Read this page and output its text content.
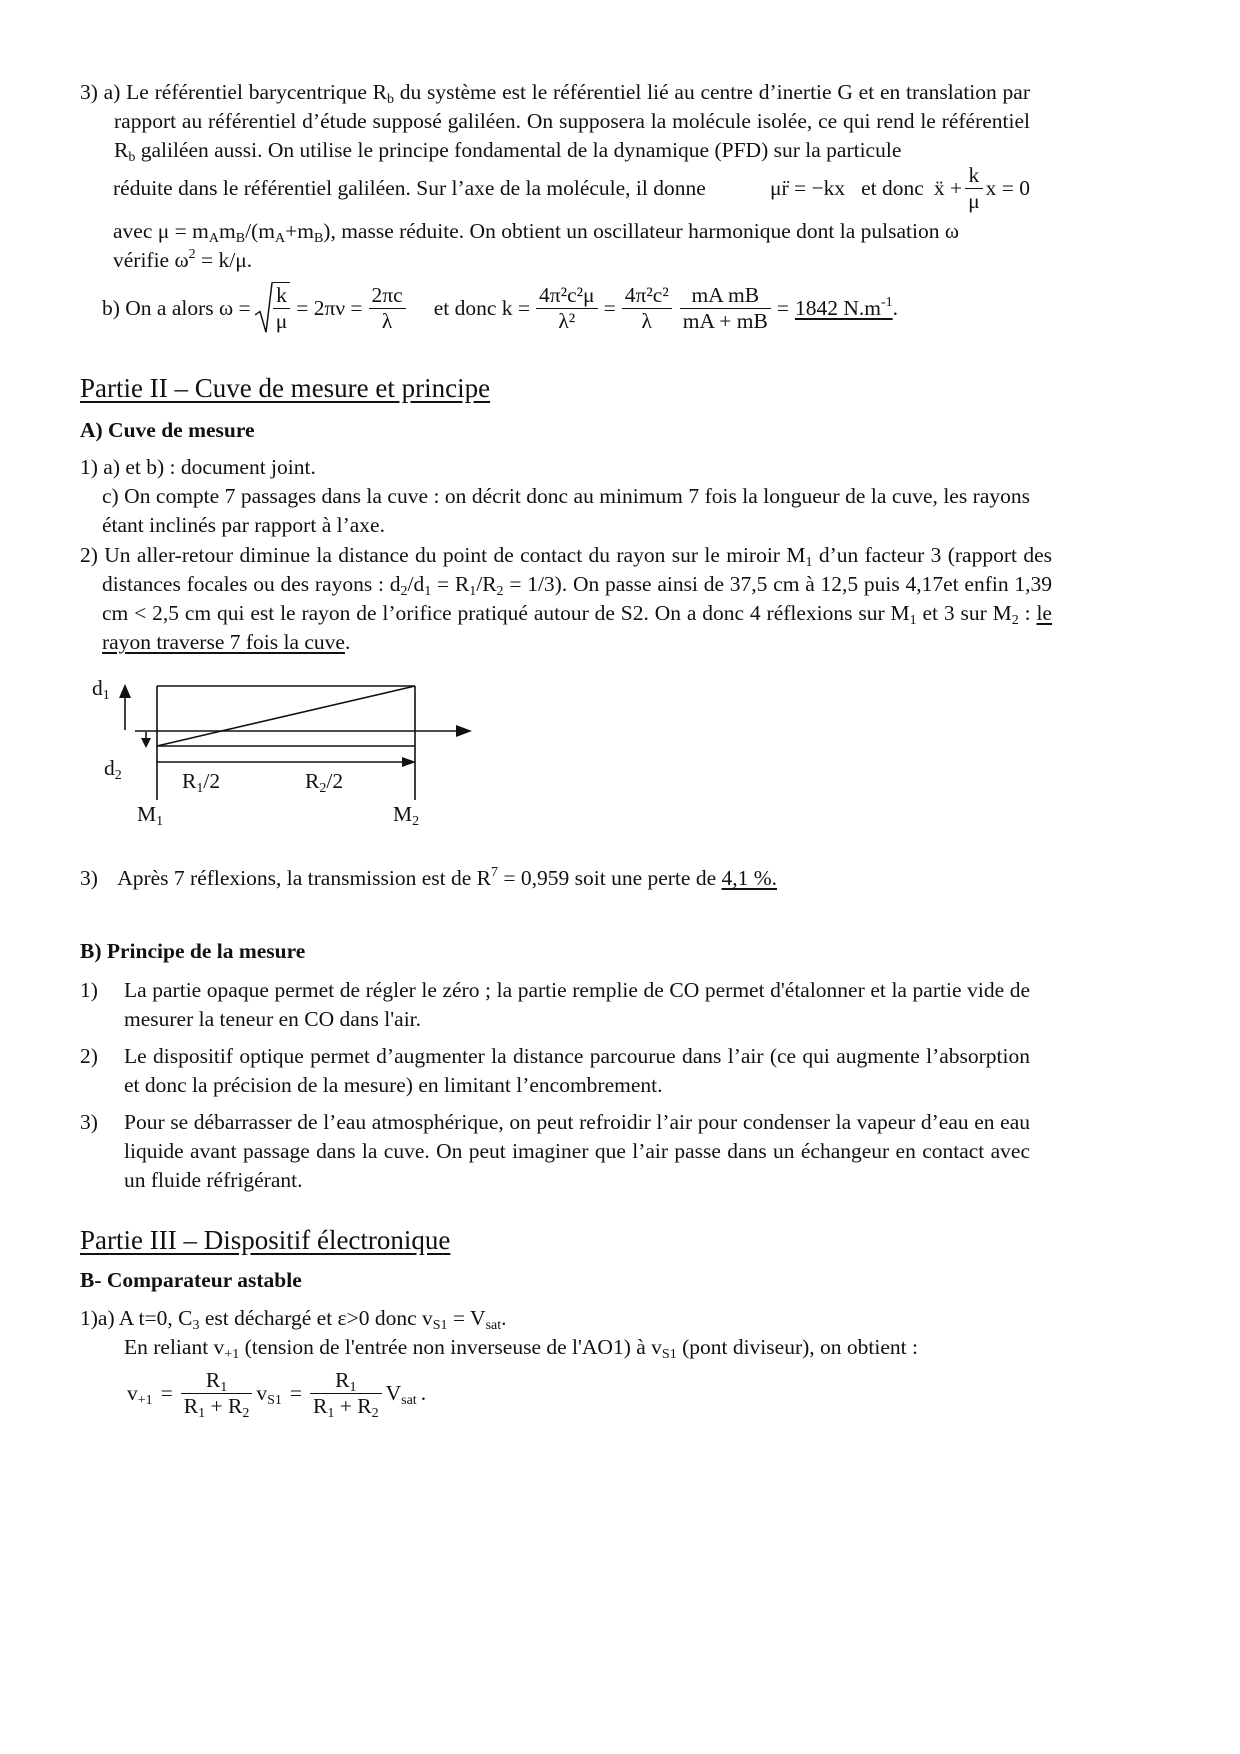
3) a) Le référentiel barycentrique $R_b$ du système est le référentiel lié au centre d’inertie G et en translation par rapport au référentiel d’étude supposé galiléen. On supposera la molécule isolée, ce qui rend le référentiel $R_b$ galiléen aussi. On utilise le principe fondamental de la dynamique (PFD) sur la particule
réduite dans le référentiel galiléen. Sur l’axe de la molécule, il donne	μr̈ = −kx et donc ẍ + $\frac{k}{\mu}$ x = 0
avec $\mu = m_Am_B/(m_A+m_B)$, masse réduite. On obtient un oscillateur harmonique dont la pulsation ω
vérifie $\omega^2 = k/\mu$.
b) On a alors $\omega = \frac{k}{\mu} = 2\pi\nu = \frac{2\pi c}{\lambda}$ et donc $k = \frac{\text{4π²c²μ}}{\text{λ²}} = \frac{\text{4π²c²}}{\lambda} \frac{\text{mA mB}}{mA + mB} = 1842$ $N.m^{-1}$ .
Partie II – Cuve de mesure et principe
A) Cuve de mesure
1) a) et b) : document joint.
c) On compte 7 passages dans la cuve : on décrit donc au minimum 7 fois la longueur de la cuve, les rayons étant inclinés par rapport à l’axe.
2) Un aller-retour diminue la distance du point de contact du rayon sur le miroir $M_1$ d’un facteur 3 (rapport des distances focales ou des rayons : $d_2/d_1 = R_1/R_2 = 1/3$). On passe ainsi de 37,5 cm à 12,5 puis 4,17et enfin 1,39 cm < 2,5 cm qui est le rayon de l’orifice pratiqué autour de S2. On a donc 4 réflexions sur $M_1$ et 3 sur $M_2$ : le rayon traverse 7 fois la cuve.
$d_1$
$d_2$	$R_1/2$	$R_2/2$
$M_1$	$M_2$
3) Après 7 réflexions, la transmission est de $R^7 = 0,959$ soit une perte de 4,1 %.
B) Principe de la mesure
1) La partie opaque permet de régler le zéro ; la partie remplie de CO permet d'étalonner et la partie vide de mesurer la teneur en CO dans l'air.
2) Le dispositif optique permet d’augmenter la distance parcourue dans l’air (ce qui augmente l’absorption et donc la précision de la mesure) en limitant l’encombrement.
3) Pour se débarrasser de l’eau atmosphérique, on peut refroidir l’air pour condenser la vapeur d’eau en eau liquide avant passage dans la cuve. On peut imaginer que l’air passe dans un échangeur en contact avec un fluide réfrigérant.
Partie III – Dispositif électronique
B- Comparateur astable
1)a) A t=0, $C_3$ est déchargé et ε>0 donc $v_{S1} = V_{sat}$.
En reliant $v_{+1}$ (tension de l'entrée non inverseuse de l'AO1) à $v_{S1}$ (pont diviseur), on obtient :
$v_{+1} = \frac{R_1}{R_1 + R_2} v_{S1} = \frac{R_1}{R_1 + R_2} V_{sat}$ .
